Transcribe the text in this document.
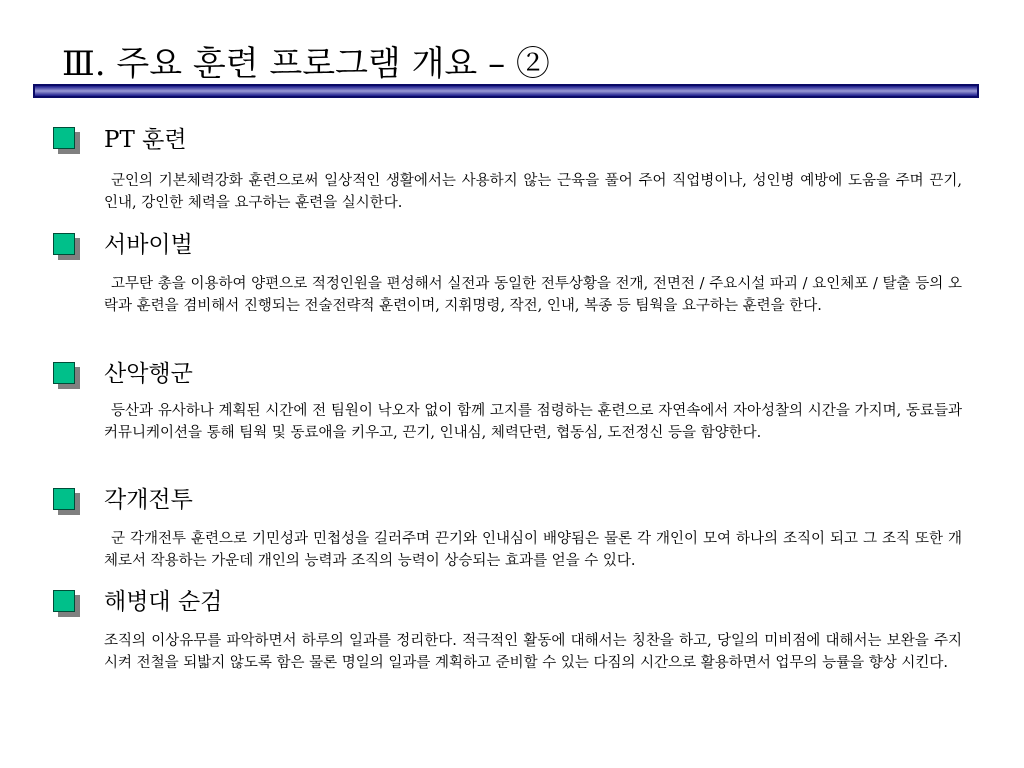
Ⅲ. 주요 훈련 프로그램 개요 – ②
PT 훈련
군인의 기본체력강화 훈련으로써 일상적인 생활에서는 사용하지 않는 근육을 풀어 주어 직업병이나, 성인병 예방에 도움을 주며 끈기, 인내, 강인한 체력을 요구하는 훈련을 실시한다.
서바이벌
고무탄 총을 이용하여 양편으로 적정인원을 편성해서 실전과 동일한 전투상황을 전개, 전면전 / 주요시설 파괴 / 요인체포 / 탈출 등의 오락과 훈련을 겸비해서 진행되는 전술전략적 훈련이며, 지휘명령, 작전, 인내, 복종 등 팀웍을 요구하는 훈련을 한다.
산악행군
등산과 유사하나 계획된 시간에 전 팀원이 낙오자 없이 함께 고지를 점령하는 훈련으로 자연속에서 자아성찰의 시간을 가지며, 동료들과 커뮤니케이션을 통해 팀웍 및 동료애을 키우고, 끈기, 인내심, 체력단련, 협동심, 도전정신 등을 함양한다.
각개전투
군 각개전투 훈련으로 기민성과 민첩성을 길러주며 끈기와 인내심이 배양됨은 물론 각 개인이 모여 하나의 조직이 되고 그 조직 또한 개체로서 작용하는 가운데 개인의 능력과 조직의 능력이 상승되는 효과를 얻을 수 있다.
해병대 순검
조직의 이상유무를 파악하면서 하루의 일과를 정리한다. 적극적인 활동에 대해서는 칭찬을 하고, 당일의 미비점에 대해서는 보완을 주지시켜 전철을 되밟지 않도록 함은 물론 명일의 일과를 계획하고 준비할 수 있는 다짐의 시간으로 활용하면서 업무의 능률을 향상 시킨다.
